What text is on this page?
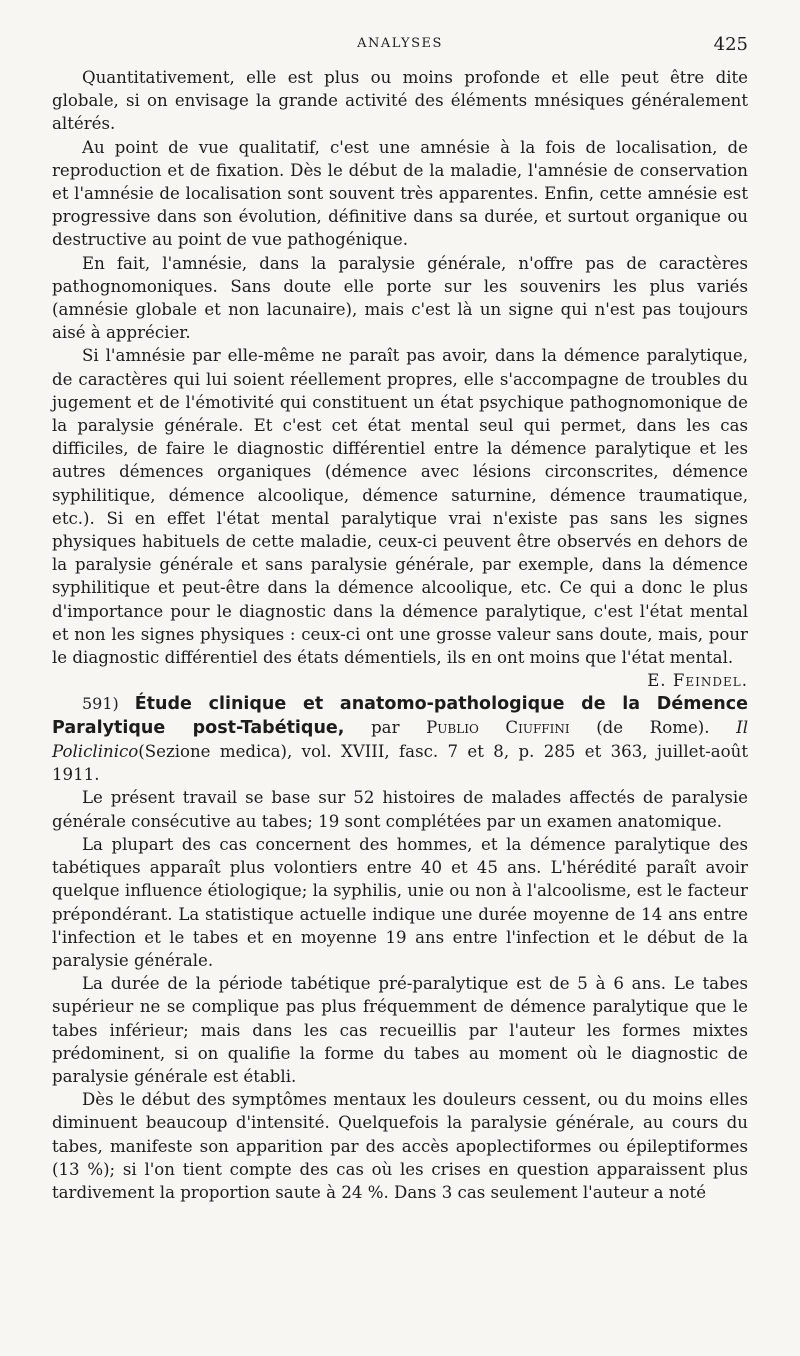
ANALYSES	425

Quantitativement, elle est plus ou moins profonde et elle peut être dite globale, si on envisage la grande activité des éléments mnésiques généralement altérés.

Au point de vue qualitatif, c'est une amnésie à la fois de localisation, de reproduction et de fixation. Dès le début de la maladie, l'amnésie de conservation et l'amnésie de localisation sont souvent très apparentes. Enfin, cette amnésie est progressive dans son évolution, définitive dans sa durée, et surtout organique ou destructive au point de vue pathogénique.

En fait, l'amnésie, dans la paralysie générale, n'offre pas de caractères pathognomoniques. Sans doute elle porte sur les souvenirs les plus variés (amnésie globale et non lacunaire), mais c'est là un signe qui n'est pas toujours aisé à apprécier.

Si l'amnésie par elle-même ne paraît pas avoir, dans la démence paralytique, de caractères qui lui soient réellement propres, elle s'accompagne de troubles du jugement et de l'émotivité qui constituent un état psychique pathognomonique de la paralysie générale. Et c'est cet état mental seul qui permet, dans les cas difficiles, de faire le diagnostic différentiel entre la démence paralytique et les autres démences organiques (démence avec lésions circonscrites, démence syphilitique, démence alcoolique, démence saturnine, démence traumatique, etc.). Si en effet l'état mental paralytique vrai n'existe pas sans les signes physiques habituels de cette maladie, ceux-ci peuvent être observés en dehors de la paralysie générale et sans paralysie générale, par exemple, dans la démence syphilitique et peut-être dans la démence alcoolique, etc. Ce qui a donc le plus d'importance pour le diagnostic dans la démence paralytique, c'est l'état mental et non les signes physiques : ceux-ci ont une grosse valeur sans doute, mais, pour le diagnostic différentiel des états démentiels, ils en ont moins que l'état mental.

E. Feindel.

591) Étude clinique et anatomo-pathologique de la Démence Paralytique post-Tabétique, par Publio Ciuffini (de Rome). Il Policlinico(Sezione medica), vol. XVIII, fasc. 7 et 8, p. 285 et 363, juillet-août 1911.

Le présent travail se base sur 52 histoires de malades affectés de paralysie générale consécutive au tabes; 19 sont complétées par un examen anatomique.

La plupart des cas concernent des hommes, et la démence paralytique des tabétiques apparaît plus volontiers entre 40 et 45 ans. L'hérédité paraît avoir quelque influence étiologique; la syphilis, unie ou non à l'alcoolisme, est le facteur prépondérant. La statistique actuelle indique une durée moyenne de 14 ans entre l'infection et le tabes et en moyenne 19 ans entre l'infection et le début de la paralysie générale.

La durée de la période tabétique pré-paralytique est de 5 à 6 ans. Le tabes supérieur ne se complique pas plus fréquemment de démence paralytique que le tabes inférieur; mais dans les cas recueillis par l'auteur les formes mixtes prédominent, si on qualifie la forme du tabes au moment où le diagnostic de paralysie générale est établi.

Dès le début des symptômes mentaux les douleurs cessent, ou du moins elles diminuent beaucoup d'intensité. Quelquefois la paralysie générale, au cours du tabes, manifeste son apparition par des accès apoplectiformes ou épileptiformes (13 %); si l'on tient compte des cas où les crises en question apparaissent plus tardivement la proportion saute à 24 %. Dans 3 cas seulement l'auteur a noté
